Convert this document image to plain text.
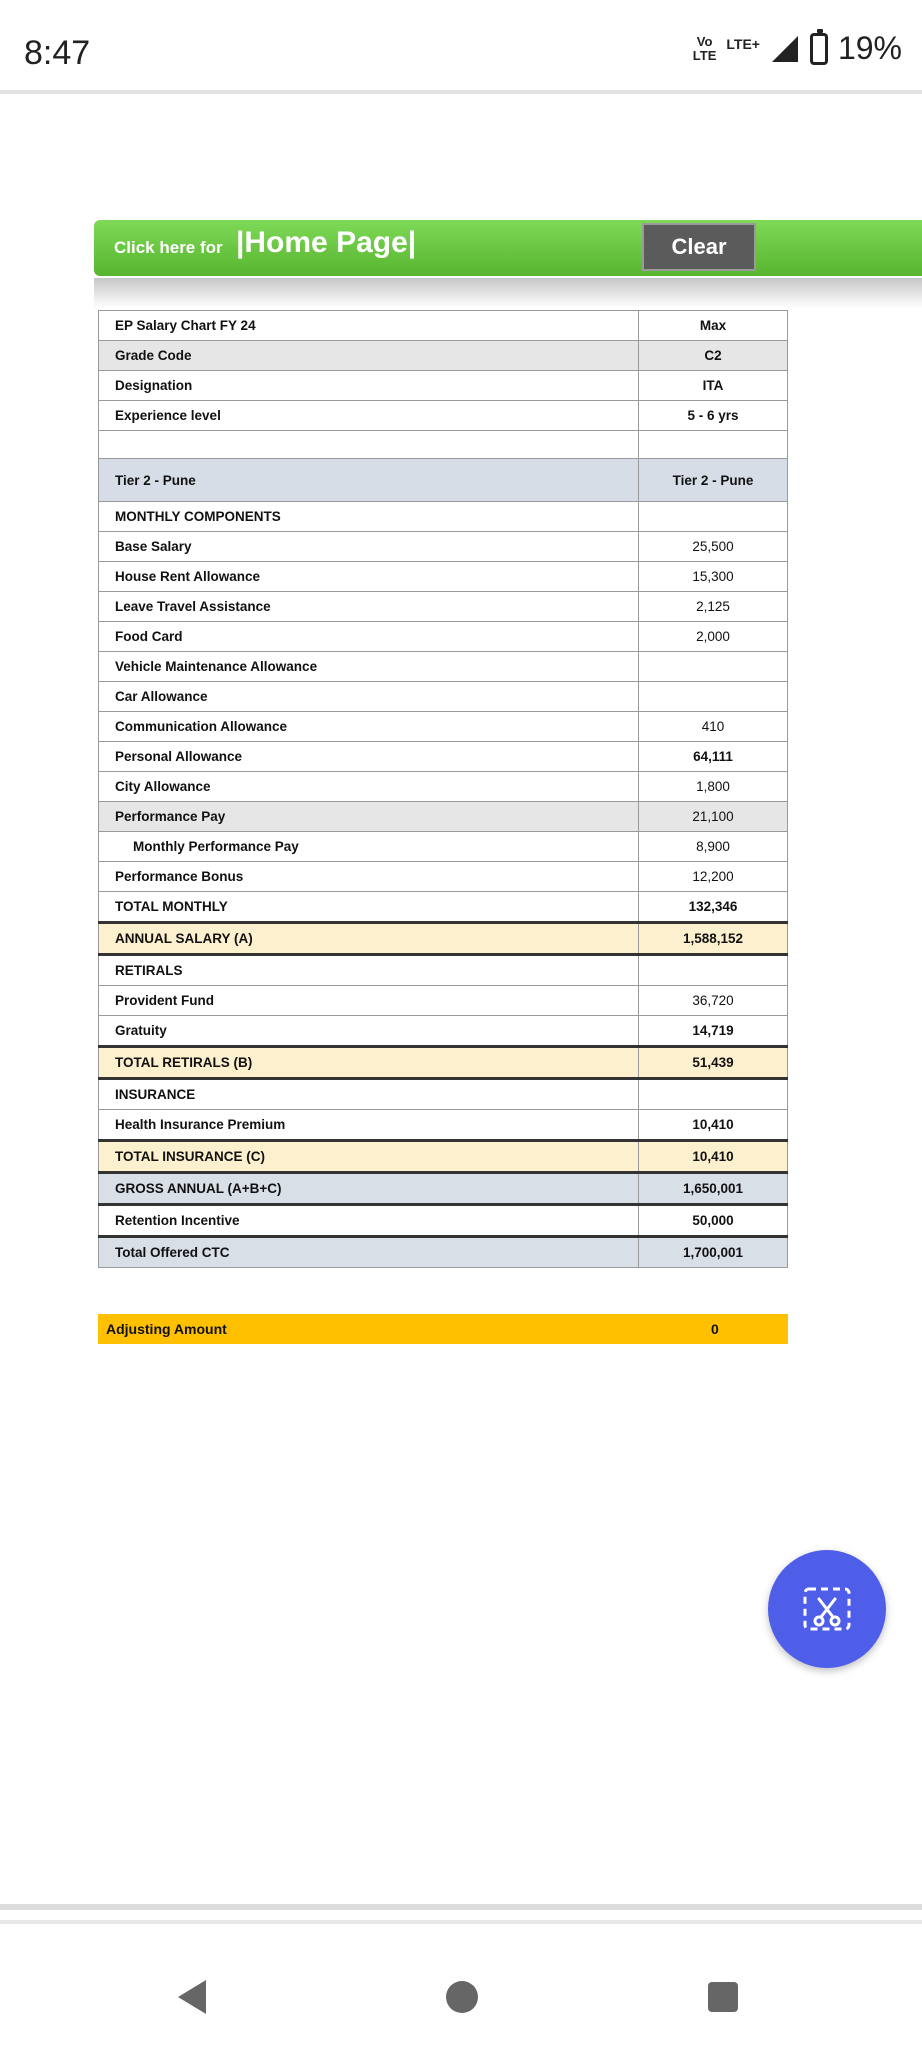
8:47	Vo
LTE
LTE+ 19%
Click here for |Home Page|	Clear
EP Salary Chart FY 24	Max
Grade Code	C2
Designation	ITA
Experience level	5 - 6 yrs

Tier 2 - Pune	Tier 2 - Pune
MONTHLY COMPONENTS	
Base Salary	25,500
House Rent Allowance	15,300
Leave Travel Assistance	2,125
Food Card	2,000
Vehicle Maintenance Allowance	
Car Allowance	
Communication Allowance	410
Personal Allowance	64,111
City Allowance	1,800
Performance Pay	21,100
Monthly Performance Pay	8,900
Performance Bonus	12,200
TOTAL MONTHLY	132,346
ANNUAL SALARY (A)	1,588,152
RETIRALS	
Provident Fund	36,720
Gratuity	14,719
TOTAL RETIRALS (B)	51,439
INSURANCE	
Health Insurance Premium	10,410
TOTAL INSURANCE (C)	10,410
GROSS ANNUAL (A+B+C)	1,650,001
Retention Incentive	50,000
Total Offered CTC	1,700,001
Adjusting Amount	0
